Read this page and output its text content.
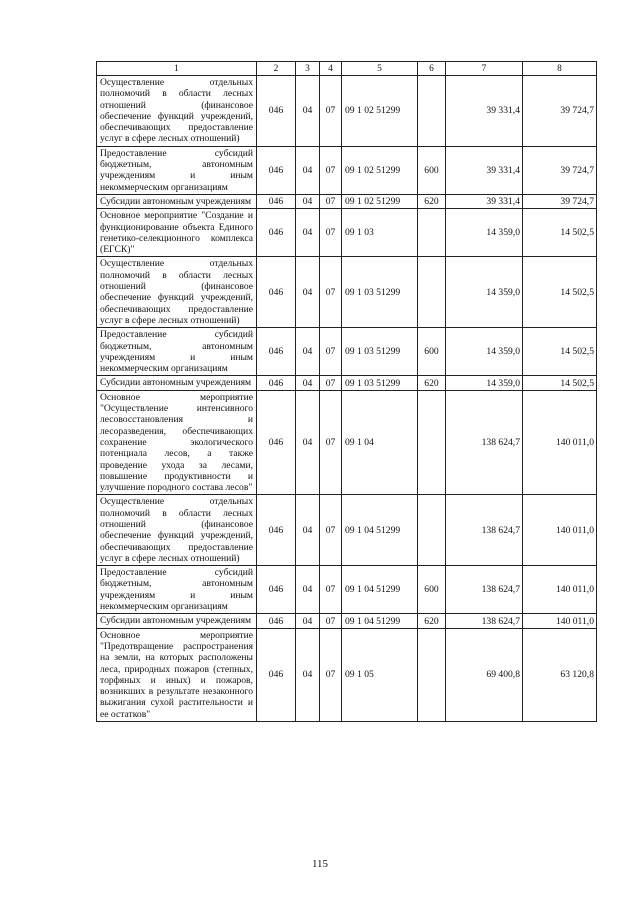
1	2	3	4	5	6	7	8
Осуществление отдельных полномочий в области лесных отношений (финансовое обеспечение функций учреждений, обеспечивающих предоставление услуг в сфере лесных отношений)	046	04	07	09 1 02 51299		39 331,4	39 724,7
Предоставление субсидий бюджетным, автономным учреждениям и иным некоммерческим организациям	046	04	07	09 1 02 51299	600	39 331,4	39 724,7
Субсидии автономным учреждениям	046	04	07	09 1 02 51299	620	39 331,4	39 724,7
Основное мероприятие "Создание и функционирование объекта Единого генетико-селекционного комплекса (ЕГСК)"	046	04	07	09 1 03		14 359,0	14 502,5
Осуществление отдельных полномочий в области лесных отношений (финансовое обеспечение функций учреждений, обеспечивающих предоставление услуг в сфере лесных отношений)	046	04	07	09 1 03 51299		14 359,0	14 502,5
Предоставление субсидий бюджетным, автономным учреждениям и иным некоммерческим организациям	046	04	07	09 1 03 51299	600	14 359,0	14 502,5
Субсидии автономным учреждениям	046	04	07	09 1 03 51299	620	14 359,0	14 502,5
Основное мероприятие "Осуществление интенсивного лесовосстановления и лесоразведения, обеспечивающих сохранение экологического потенциала лесов, а также проведение ухода за лесами, повышение продуктивности и улучшение породного состава лесов"	046	04	07	09 1 04		138 624,7	140 011,0
Осуществление отдельных полномочий в области лесных отношений (финансовое обеспечение функций учреждений, обеспечивающих предоставление услуг в сфере лесных отношений)	046	04	07	09 1 04 51299		138 624,7	140 011,0
Предоставление субсидий бюджетным, автономным учреждениям и иным некоммерческим организациям	046	04	07	09 1 04 51299	600	138 624,7	140 011,0
Субсидии автономным учреждениям	046	04	07	09 1 04 51299	620	138 624,7	140 011,0
Основное мероприятие "Предотвращение распространения на земли, на которых расположены леса, природных пожаров (степных, торфяных и иных) и пожаров, возникших в результате незаконного выжигания сухой растительности и ее остатков"	046	04	07	09 1 05		69 400,8	63 120,8
115
